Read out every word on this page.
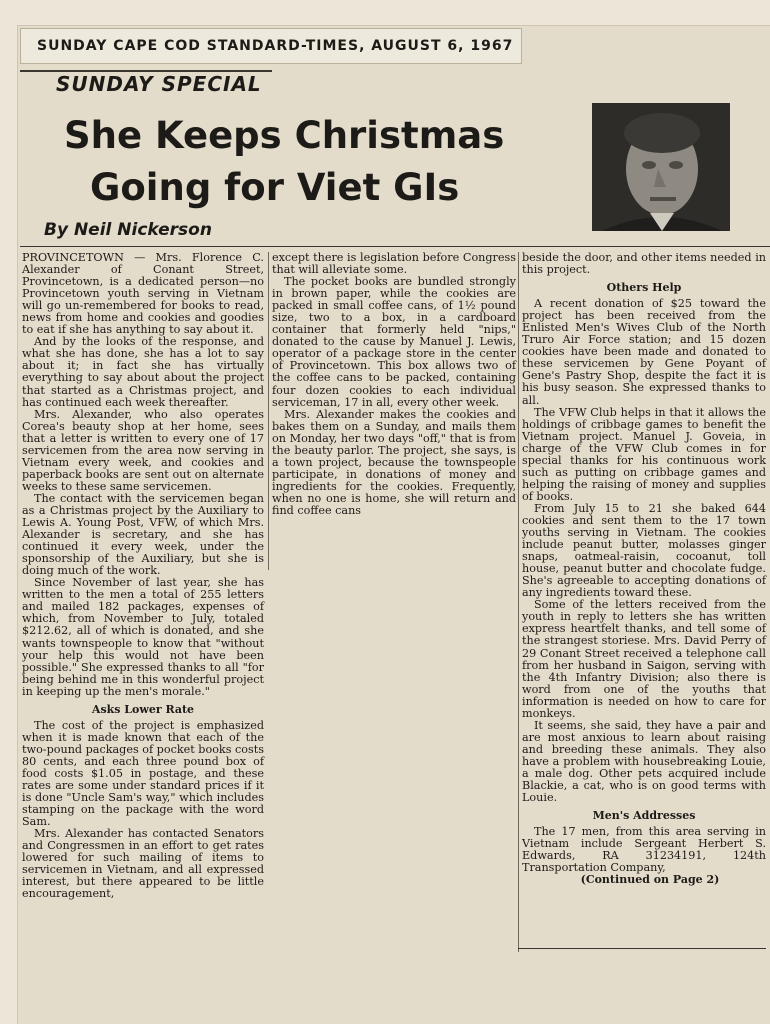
SUNDAY CAPE COD STANDARD-TIMES, AUGUST 6, 1967
SUNDAY SPECIAL
She Keeps Christmas
Going for Viet GIs
By Neil Nickerson

PROVINCETOWN — Mrs. Florence C. Alexander of Conant Street, Provincetown, is a dedicated person—no Provincetown youth serving in Vietnam will go un-remembered for books to read, news from home and cookies and goodies to eat if she has anything to say about it.

And by the looks of the response, and what she has done, she has a lot to say about it; in fact she has virtually everything to say about about the project that started as a Christmas project, and has continued each week thereafter.

Mrs. Alexander, who also operates Corea's beauty shop at her home, sees that a letter is written to every one of 17 servicemen from the area now serving in Vietnam every week, and cookies and paperback books are sent out on alternate weeks to these same servicemen.

The contact with the servicemen began as a Christmas project by the Auxiliary to Lewis A. Young Post, VFW, of which Mrs. Alexander is secretary, and she has continued it every week, under the sponsorship of the Auxiliary, but she is doing much of the work.

Since November of last year, she has written to the men a total of 255 letters and mailed 182 packages, expenses of which, from November to July, totaled $212.62, all of which is donated, and she wants townspeople to know that "without your help this would not have been possible." She expressed thanks to all "for being behind me in this wonderful project in keeping up the men's morale."

Asks Lower Rate

The cost of the project is emphasized when it is made known that each of the two-pound packages of pocket books costs 80 cents, and each three pound box of food costs $1.05 in postage, and these rates are some under standard prices if it is done "Uncle Sam's way," which includes stamping on the package with the word Sam.

Mrs. Alexander has contacted Senators and Congressmen in an effort to get rates lowered for such mailing of items to servicemen in Vietnam, and all expressed interest, but there appeared to be little encouragement,

except there is legislation before Congress that will alleviate some.

The pocket books are bundled strongly in brown paper, while the cookies are packed in small coffee cans, of 1½ pound size, two to a box, in a cardboard container that formerly held "nips," donated to the cause by Manuel J. Lewis, operator of a package store in the center of Provincetown. This box allows two of the coffee cans to be packed, containing four dozen cookies to each individual serviceman, 17 in all, every other week.

Mrs. Alexander makes the cookies and bakes them on a Sunday, and mails them on Monday, her two days "off," that is from the beauty parlor. The project, she says, is a town project, because the townspeople participate, in donations of money and ingredients for the cookies. Frequently, when no one is home, she will return and find coffee cans

beside the door, and other items needed in this project.

Others Help

A recent donation of $25 toward the project has been received from the Enlisted Men's Wives Club of the North Truro Air Force station; and 15 dozen cookies have been made and donated to these servicemen by Gene Poyant of Gene's Pastry Shop, despite the fact it is his busy season. She expressed thanks to all.

The VFW Club helps in that it allows the holdings of cribbage games to benefit the Vietnam project. Manuel J. Goveia, in charge of the VFW Club comes in for special thanks for his continuous work such as putting on cribbage games and helping the raising of money and supplies of books.

From July 15 to 21 she baked 644 cookies and sent them to the 17 town youths serving in Vietnam. The cookies include peanut butter, molasses ginger snaps, oatmeal-raisin, cocoanut, toll house, peanut butter and chocolate fudge. She's agreeable to accepting donations of any ingredients toward these.

Some of the letters received from the youth in reply to letters she has written express heartfelt thanks, and tell some of the strangest storiese. Mrs. David Perry of 29 Conant Street received a telephone call from her husband in Saigon, serving with the 4th Infantry Division; also there is word from one of the youths that information is needed on how to care for monkeys.

It seems, she said, they have a pair and are most anxious to learn about raising and breeding these animals. They also have a problem with housebreaking Louie, a male dog. Other pets acquired include Blackie, a cat, who is on good terms with Louie.

Men's Addresses

The 17 men, from this area serving in Vietnam include Sergeant Herbert S. Edwards, RA 31234191, 124th Transportation Company,

(Continued on Page 2)
